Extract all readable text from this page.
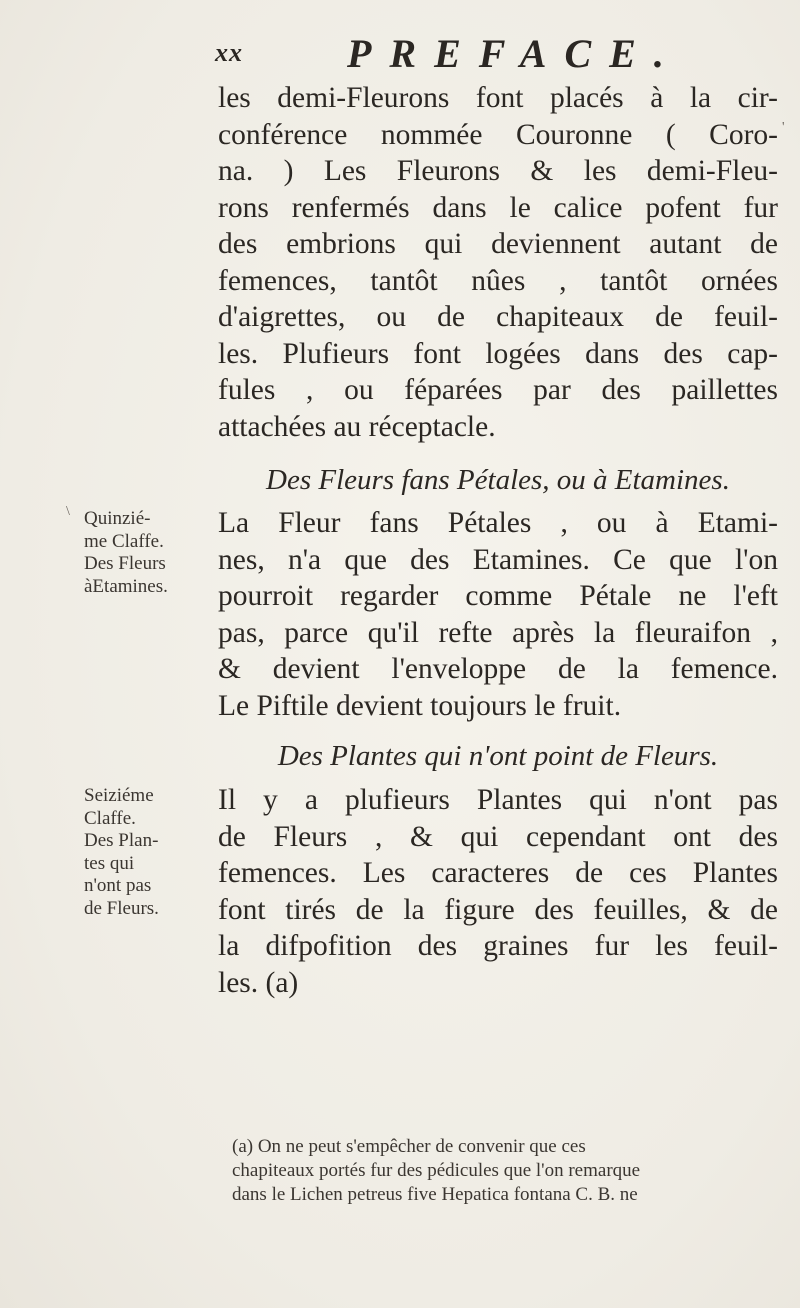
xx	PREFACE.
les demi-Fleurons font placés à la cir-
conférence nommée Couronne ( Coro-
na. ) Les Fleurons & les demi-Fleu-
rons renfermés dans le calice pofent fur
des embrions qui deviennent autant de
femences, tantôt nûes , tantôt ornées
d'aigrettes, ou de chapiteaux de feuil-
les. Plufieurs font logées dans des cap-
fules , ou féparées par des paillettes
attachées au réceptacle.
Des Fleurs fans Pétales, ou à Etamines.
Quinzié-
me Claffe.
Des Fleurs
àEtamines.
La Fleur fans Pétales , ou à Etami-
nes, n'a que des Etamines. Ce que l'on
pourroit regarder comme Pétale ne l'eft
pas, parce qu'il refte après la fleuraifon ,
& devient l'enveloppe de la femence.
Le Piftile devient toujours le fruit.
Des Plantes qui n'ont point de Fleurs.
Seiziéme
Claffe.
Des Plan-
tes qui
n'ont pas
de Fleurs.
Il y a plufieurs Plantes qui n'ont pas
de Fleurs , & qui cependant ont des
femences. Les caracteres de ces Plantes
font tirés de la figure des feuilles, & de
la difpofition des graines fur les feuil-
les. (a)
(a) On ne peut s'empêcher de convenir que ces
chapiteaux portés fur des pédicules que l'on remarque
dans le Lichen petreus five Hepatica fontana C. B. ne
\
'
